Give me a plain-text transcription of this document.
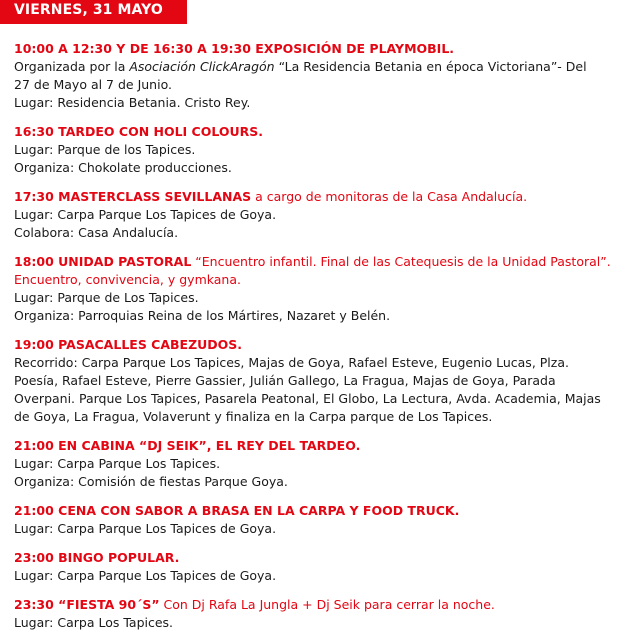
VIERNES, 31 MAYO
10:00 A 12:30 Y DE 16:30 A 19:30 EXPOSICIÓN DE PLAYMOBIL.
Organizada por la Asociación ClickAragón “La Residencia Betania en época Victoriana”- Del
27 de Mayo al 7 de Junio.
Lugar: Residencia Betania. Cristo Rey.
16:30 TARDEO CON HOLI COLOURS.
Lugar: Parque de los Tapices.
Organiza: Chokolate producciones.
17:30 MASTERCLASS SEVILLANAS a cargo de monitoras de la Casa Andalucía.
Lugar: Carpa Parque Los Tapices de Goya.
Colabora: Casa Andalucía.
18:00 UNIDAD PASTORAL “Encuentro infantil. Final de las Catequesis de la Unidad Pastoral”.
Encuentro, convivencia, y gymkana.
Lugar: Parque de Los Tapices.
Organiza: Parroquias Reina de los Mártires, Nazaret y Belén.
19:00 PASACALLES CABEZUDOS.
Recorrido: Carpa Parque Los Tapices, Majas de Goya, Rafael Esteve, Eugenio Lucas, Plza.
Poesía, Rafael Esteve, Pierre Gassier, Julián Gallego, La Fragua, Majas de Goya, Parada
Overpani. Parque Los Tapices, Pasarela Peatonal, El Globo, La Lectura, Avda. Academia, Majas
de Goya, La Fragua, Volaverunt y finaliza en la Carpa parque de Los Tapices.
21:00 EN CABINA “DJ SEIK”, EL REY DEL TARDEO.
Lugar: Carpa Parque Los Tapices.
Organiza: Comisión de fiestas Parque Goya.
21:00 CENA CON SABOR A BRASA EN LA CARPA Y FOOD TRUCK.
Lugar: Carpa Parque Los Tapices de Goya.
23:00 BINGO POPULAR.
Lugar: Carpa Parque Los Tapices de Goya.
23:30 “FIESTA 90´S” Con Dj Rafa La Jungla + Dj Seik para cerrar la noche.
Lugar: Carpa Los Tapices.
